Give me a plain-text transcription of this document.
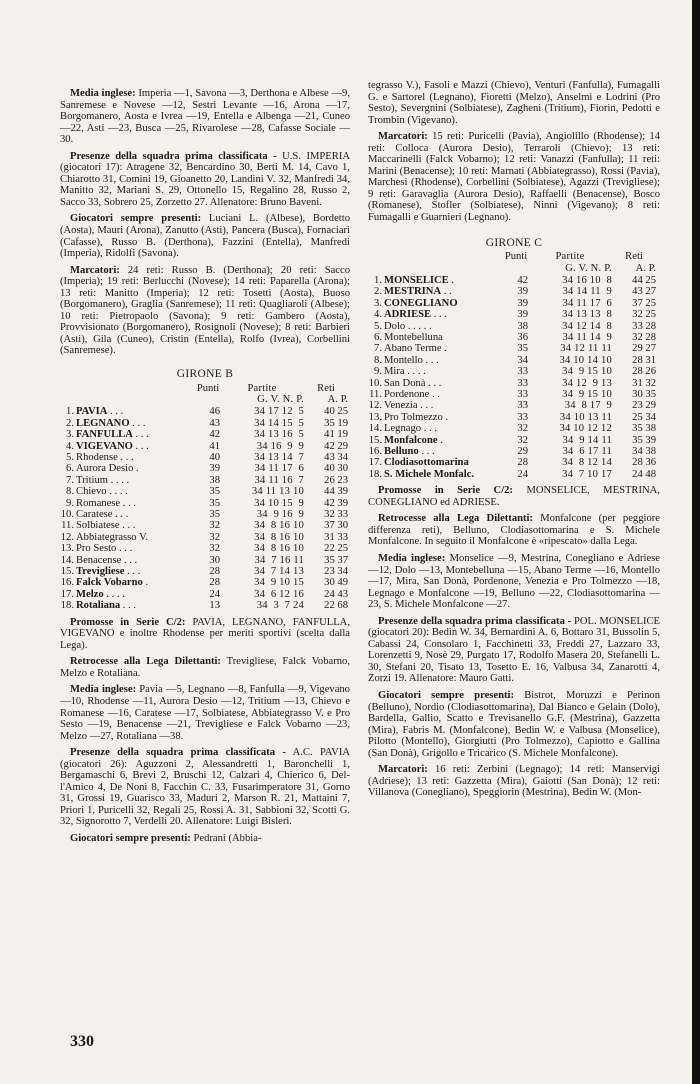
Media inglese: Imperia —1, Savona —3, Derthona e Albese —9, Sanremese e Novese —12, Sestri Levante —16, Arona —17, Borgomanero, Aosta e Ivrea —19, Entella e Albenga —21, Cuneo —22, Asti —23, Busca —25, Rivarolese —28, Cafasse Sociale —30.

Presenze della squadra prima classificata - U.S. IMPERIA (giocatori 17): Atragene 32, Bencardino 30, Berti M. 14, Cavo 1, Chiarotto 31, Comini 19, Gioanetto 20, Landini V. 32, Manfredi 34, Manitto 32, Mariani S. 29, Ottonello 15, Regalino 28, Russo 2, Sacco 33, Sobrero 25, Zorzetto 27. Allenatore: Bruno Baveni.

Giocatori sempre presenti: Luciani L. (Albese), Bordetto (Aosta), Mauri (Arona), Zanutto (Asti), Pancera (Busca), Fornaciari (Cafasse), Russo B. (Derthona), Fazzini (Entella), Manfredi (Imperia), Ridolfi (Savona).

Marcatori: 24 reti: Russo B. (Derthona); 20 reti: Sacco (Imperia); 19 reti: Berlucchi (Novese); 14 reti: Paparella (Arona); 13 reti: Manitto (Imperia); 12 reti: Tosetti (Aosta), Buoso (Borgomanero), Graglia (Sanremese); 11 reti: Quagliaroli (Albese); 10 reti: Pietropaolo (Savona); 9 reti: Gambero (Aosta), Provvisionato (Borgomanero), Rosignoli (Novese); 8 reti: Barbieri (Asti), Gila (Cuneo), Cristin (Entella), Rolfo (Ivrea), Corbellini (Sanremese).

GIRONE B
		Punti	Partite	Reti
			G. V. N. P.	A. P.
1.	PAVIA . . .	46	34 17 12  5	40 25
2.	LEGNANO . . .	43	34 14 15  5	35 19
3.	FANFULLA . . .	42	34 13 16  5	41 19
4.	VIGEVANO . . .	41	34 16  9  9	42 29
5.	Rhodense . . .	40	34 13 14  7	43 34
6.	Aurora Desio .	39	34 11 17  6	40 30
7.	Tritium . . . .	38	34 11 16  7	26 23
8.	Chievo . . . .	35	34 11 13 10	44 39
9.	Romanese . . .	35	34 10 15  9	42 39
10.	Caratese . . .	35	34  9 16  9	32 33
11.	Solbiatese . . .	32	34  8 16 10	37 30
12.	Abbiategrasso V.	32	34  8 16 10	31 33
13.	Pro Sesto . . .	32	34  8 16 10	22 25
14.	Benacense . . .	30	34  7 16 11	35 37
15.	Trevigliese . . .	28	34  7 14 13	23 34
16.	Falck Vobarno .	28	34  9 10 15	30 49
17.	Melzo . . . .	24	34  6 12 16	24 43
18.	Rotaliana . . .	13	34  3  7 24	22 68

Promosse in Serie C/2: PAVIA, LEGNANO, FANFULLA, VIGEVANO e inoltre Rhodense per meriti sportivi (scelta dalla Lega).

Retrocesse alla Lega Dilettanti: Trevigliese, Falck Vobarno, Melzo e Rotaliana.

Media inglese: Pavia —5, Legnano —8, Fanfulla —9, Vigevano —10, Rhodense —11, Aurora Desio —12, Tritium —13, Chievo e Romanese —16, Caratese —17, Solbiatese, Abbiategrasso V. e Pro Sesto —19, Benacense —21, Trevigliese e Falck Vobarno —23, Melzo —27, Rotaliana —38.

Presenze della squadra prima classificata - A.C. PAVIA (giocatori 26): Aguzzoni 2, Alessandretti 1, Baronchelli 1, Bergamaschi 6, Brevi 2, Bruschi 12, Calzari 4, Chierico 6, Dell'Amico 4, De Nonì 8, Facchin C. 33, Fusarimperatore 31, Gorno 31, Grossi 19, Guarisco 33, Maduri 2, Marson R. 21, Mattaini 7, Priori 1, Puricelli 32, Regali 25, Rossi A. 31, Sabbioni 32, Scotti G. 32, Signorotto 7, Verdelli 20. Allenatore: Luigi Bisleri.

Giocatori sempre presenti: Pedrani (Abbia-

tegrasso V.), Fasoli e Mazzi (Chievo), Venturi (Fanfulla), Fumagalli G. e Sartorel (Legnano), Fioretti (Melzo), Anselmi e Lodrini (Pro Sesto), Severgnini (Solbiatese), Zagheni (Tritium), Fiorin, Pedotti e Trombin (Vigevano).

Marcatori: 15 reti: Puricelli (Pavia), Angiolillo (Rhodense); 14 reti: Colloca (Aurora Desio), Terraroli (Chievo); 13 reti: Maccarinelli (Falck Vobarno); 12 reti: Vanazzi (Fanfulla); 11 reti: Marini (Benacense); 10 reti: Marnati (Abbiategrasso), Rossi (Pavia), Marchesi (Rhodense), Corbellini (Solbiatese), Agazzi (Trevigliese); 9 reti: Garavaglia (Aurora Desio), Raffaelli (Benacense), Bosco (Romanese), Stofler (Solbiatese), Ninni (Vigevano); 8 reti: Fumagalli e Guarnieri (Legnano).

GIRONE C
		Punti	Partite	Reti
			G. V. N. P.	A. P.
1.	MONSELICE .	42	34 16 10  8	44 25
2.	MESTRINA . .	39	34 14 11  9	43 27
3.	CONEGLIANO	39	34 11 17  6	37 25
4.	ADRIESE . . .	39	34 13 13  8	32 25
5.	Dolo . . . . .	38	34 12 14  8	33 28
6.	Montebelluna	36	34 11 14  9	32 28
7.	Abano Terme .	35	34 12 11 11	29 27
8.	Montello . . .	34	34 10 14 10	28 31
9.	Mira . . . .	33	34  9 15 10	28 26
10.	San Donà . . .	33	34 12  9 13	31 32
11.	Pordenone . .	33	34  9 15 10	30 35
12.	Venezia . . .	33	34  8 17  9	23 29
13.	Pro Tolmezzo .	33	34 10 13 11	25 34
14.	Legnago . . .	32	34 10 12 12	35 38
15.	Monfalcone .	32	34  9 14 11	35 39
16.	Belluno . . .	29	34  6 17 11	34 38
17.	Clodiasottomarina	28	34  8 12 14	28 36
18.	S. Michele Monfalc.	24	34  7 10 17	24 48

Promosse in Serie C/2: MONSELICE, MESTRINA, CONEGLIANO ed ADRIESE.

Retrocesse alla Lega Dilettanti: Monfalcone (per peggiore differenza reti), Belluno, Clodiasottomarina e S. Michele Monfalcone. In seguito il Monfalcone è «ripescato» dalla Lega.

Media inglese: Monselice —9, Mestrina, Conegliano e Adriese —12, Dolo —13, Montebelluna —15, Abano Terme —16, Montello —17, Mira, San Donà, Pordenone, Venezia e Pro Tolmezzo —18, Legnago e Monfalcone —19, Belluno —22, Clodiasottomarina —23, S. Michele Monfalcone —27.

Presenze della squadra prima classificata - POL. MONSELICE (giocatori 20): Bedin W. 34, Bernardini A. 6, Bottaro 31, Bussolin 5, Cabassi 24, Consolaro 1, Facchinetti 33, Freddi 27, Lazzaro 33, Lorenzetti 9, Nosè 29, Purgato 17, Rodolfo Masera 20, Stefanelli L. 30, Stefani 20, Tisato 13, Tosetto E. 16, Valbusa 34, Zanarotti 4, Zorzi 19. Allenatore: Mauro Gatti.

Giocatori sempre presenti: Bistrot, Moruzzi e Perinon (Belluno), Nordio (Clodiasottomarina), Dal Bianco e Gelain (Dolo), Bardella, Gallio, Scatto e Trevisanello G.F. (Mestrina), Gazzetta (Mira), Fabris M. (Monfalcone), Bedin W. e Valbusa (Monselice), Pilotto (Montello), Giorgiutti (Pro Tolmezzo), Capiotto e Gallina (San Donà), Grigollo e Tricarico (S. Michele Monfalcone).

Marcatori: 16 reti: Zerbini (Legnago); 14 reti: Manservigi (Adriese); 13 reti: Gazzetta (Mira), Gaiotti (San Donà); 12 reti: Villanova (Conegliano), Speggiorin (Mestrina), Bedin W. (Mon-

330
